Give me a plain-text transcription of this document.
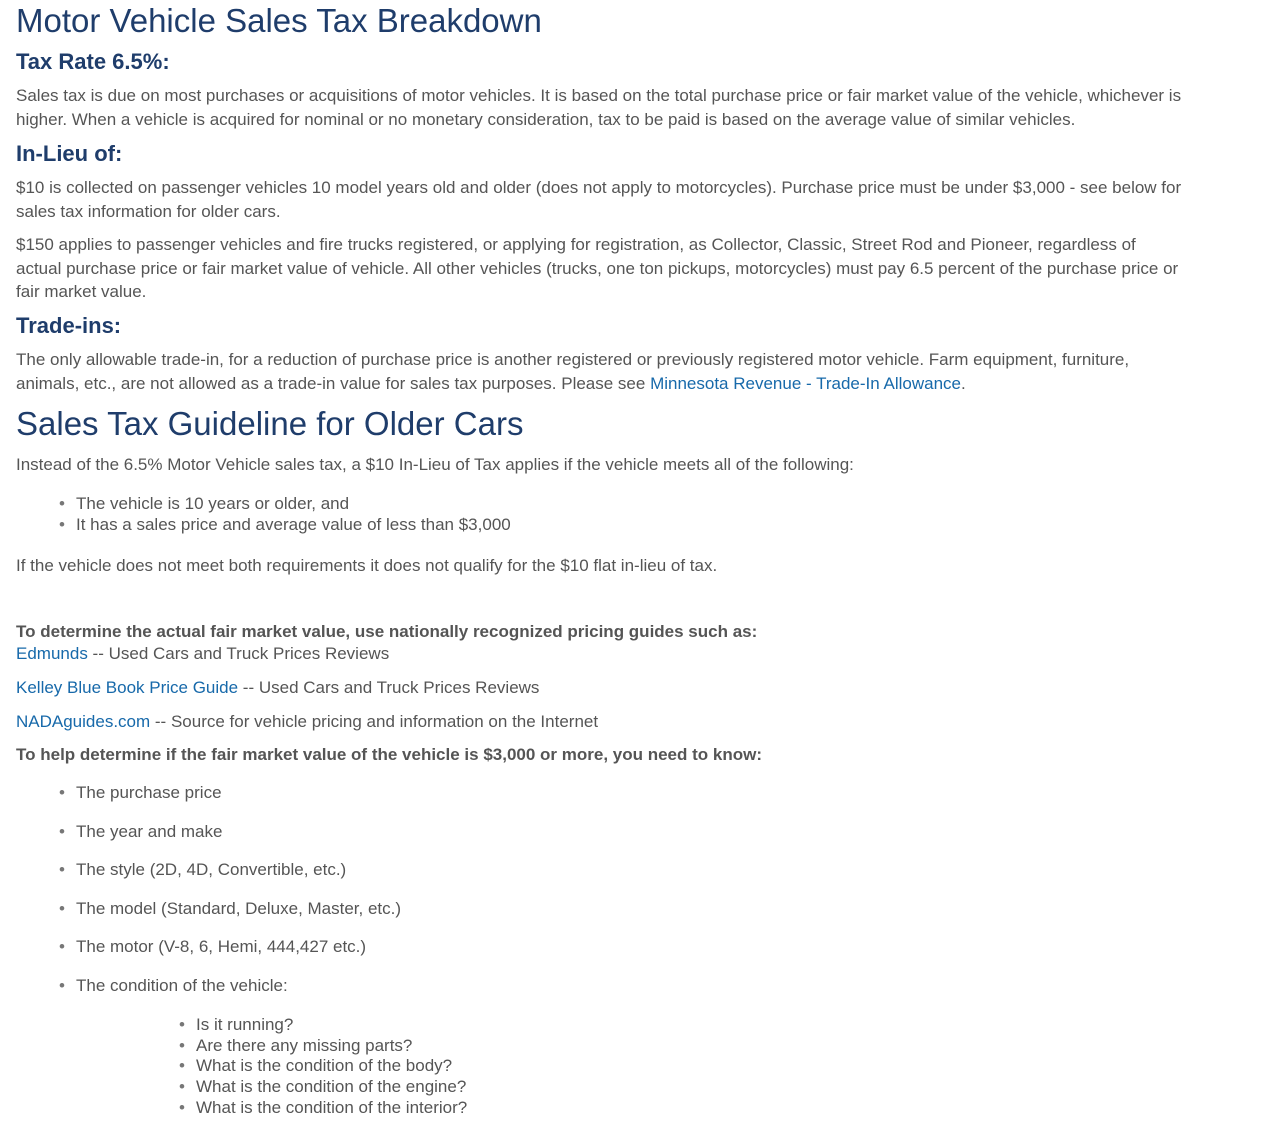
Motor Vehicle Sales Tax Breakdown
Tax Rate 6.5%:
Sales tax is due on most purchases or acquisitions of motor vehicles. It is based on the total purchase price or fair market value of the vehicle, whichever is
higher. When a vehicle is acquired for nominal or no monetary consideration, tax to be paid is based on the average value of similar vehicles.
In-Lieu of:
$10 is collected on passenger vehicles 10 model years old and older (does not apply to motorcycles). Purchase price must be under $3,000 - see below for
sales tax information for older cars.
$150 applies to passenger vehicles and fire trucks registered, or applying for registration, as Collector, Classic, Street Rod and Pioneer, regardless of
actual purchase price or fair market value of vehicle. All other vehicles (trucks, one ton pickups, motorcycles) must pay 6.5 percent of the purchase price or
fair market value.
Trade-ins:
The only allowable trade-in, for a reduction of purchase price is another registered or previously registered motor vehicle. Farm equipment, furniture,
animals, etc., are not allowed as a trade-in value for sales tax purposes. Please see Minnesota Revenue - Trade-In Allowance.
Sales Tax Guideline for Older Cars
Instead of the 6.5% Motor Vehicle sales tax, a $10 In-Lieu of Tax applies if the vehicle meets all of the following:
• The vehicle is 10 years or older, and
• It has a sales price and average value of less than $3,000
If the vehicle does not meet both requirements it does not qualify for the $10 flat in-lieu of tax.
To determine the actual fair market value, use nationally recognized pricing guides such as:
Edmunds -- Used Cars and Truck Prices Reviews
Kelley Blue Book Price Guide -- Used Cars and Truck Prices Reviews
NADAguides.com -- Source for vehicle pricing and information on the Internet
To help determine if the fair market value of the vehicle is $3,000 or more, you need to know:
• The purchase price
• The year and make
• The style (2D, 4D, Convertible, etc.)
• The model (Standard, Deluxe, Master, etc.)
• The motor (V-8, 6, Hemi, 444,427 etc.)
• The condition of the vehicle:
• Is it running?
• Are there any missing parts?
• What is the condition of the body?
• What is the condition of the engine?
• What is the condition of the interior?
